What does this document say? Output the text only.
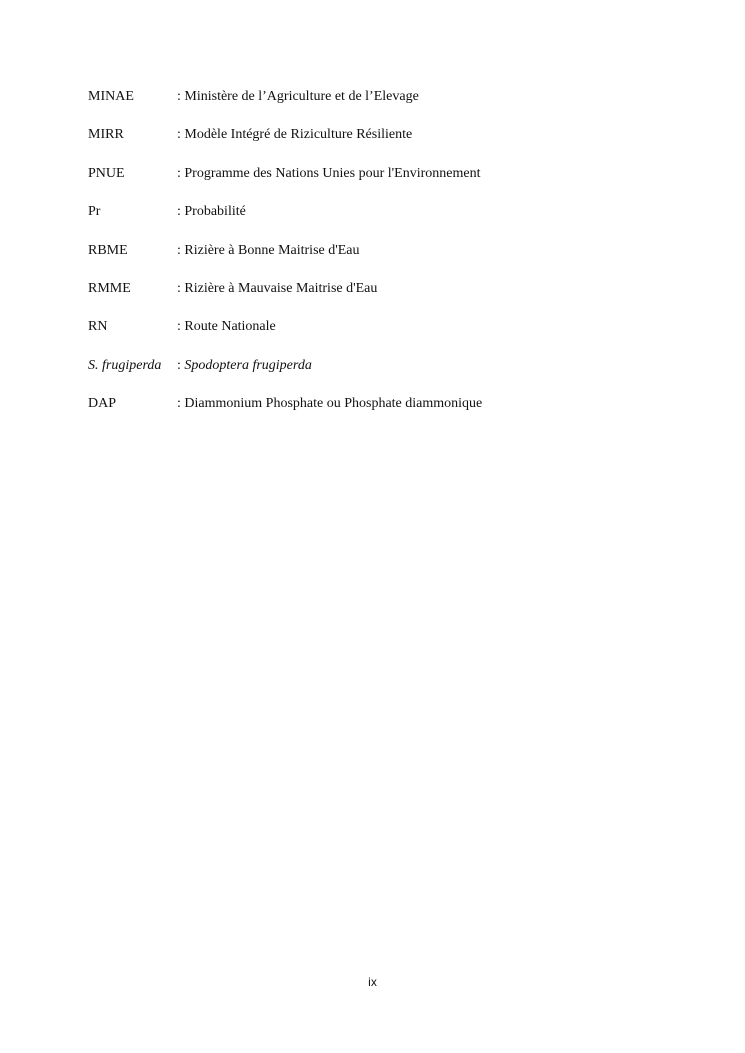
MINAE	: Ministère de l’Agriculture et de l’Elevage
MIRR	: Modèle Intégré de Riziculture Résiliente
PNUE	: Programme des Nations Unies pour l'Environnement
Pr	: Probabilité
RBME	: Rizière à Bonne Maitrise d'Eau
RMME	: Rizière à Mauvaise Maitrise d'Eau
RN	: Route Nationale
S. frugiperda	: Spodoptera frugiperda
DAP	: Diammonium Phosphate ou Phosphate diammonique
ix
